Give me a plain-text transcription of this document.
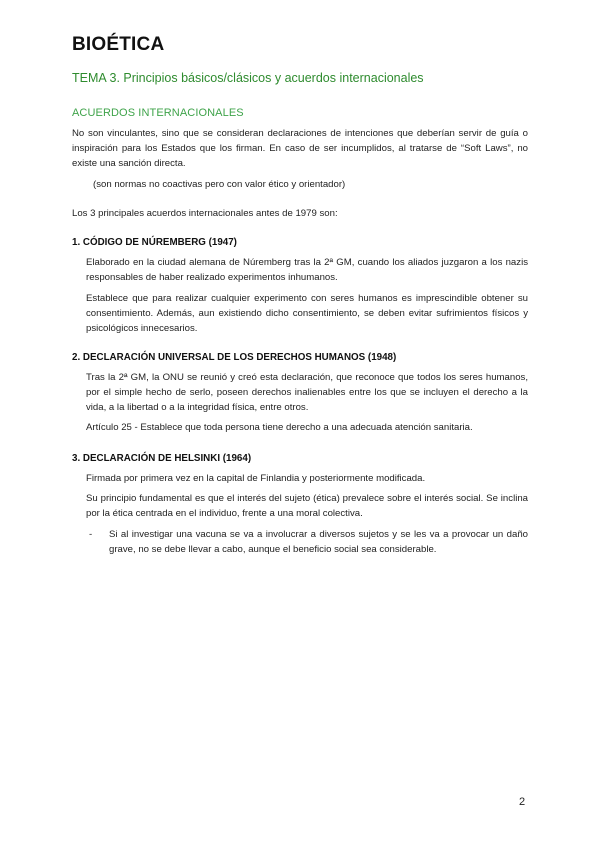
BIOÉTICA
TEMA 3. Principios básicos/clásicos y acuerdos internacionales
ACUERDOS INTERNACIONALES

No son vinculantes, sino que se consideran declaraciones de intenciones que deberían servir de guía o inspiración para los Estados que los firman. En caso de ser incumplidos, al tratarse de “Soft Laws”, no existe una sanción directa.

(son normas no coactivas pero con valor ético y orientador)

Los 3 principales acuerdos internacionales antes de 1979 son:

1. CÓDIGO DE NÚREMBERG (1947)

Elaborado en la ciudad alemana de Núremberg tras la 2ª GM, cuando los aliados juzgaron a los nazis responsables de haber realizado experimentos inhumanos.

Establece que para realizar cualquier experimento con seres humanos es imprescindible obtener su consentimiento. Además, aun existiendo dicho consentimiento, se deben evitar sufrimientos físicos y psicológicos innecesarios.

2. DECLARACIÓN UNIVERSAL DE LOS DERECHOS HUMANOS (1948)

Tras la 2ª GM, la ONU se reunió y creó esta declaración, que reconoce que todos los seres humanos, por el simple hecho de serlo, poseen derechos inalienables entre los que se incluyen el derecho a la vida, a la libertad o a la integridad física, entre otros.

Artículo 25 - Establece que toda persona tiene derecho a una adecuada atención sanitaria.

3. DECLARACIÓN DE HELSINKI (1964)

Firmada por primera vez en la capital de Finlandia y posteriormente modificada.

Su principio fundamental es que el interés del sujeto (ética) prevalece sobre el interés social. Se inclina por la ética centrada en el individuo, frente a una moral colectiva.

- Si al investigar una vacuna se va a involucrar a diversos sujetos y se les va a provocar un daño grave, no se debe llevar a cabo, aunque el beneficio social sea considerable.
2
